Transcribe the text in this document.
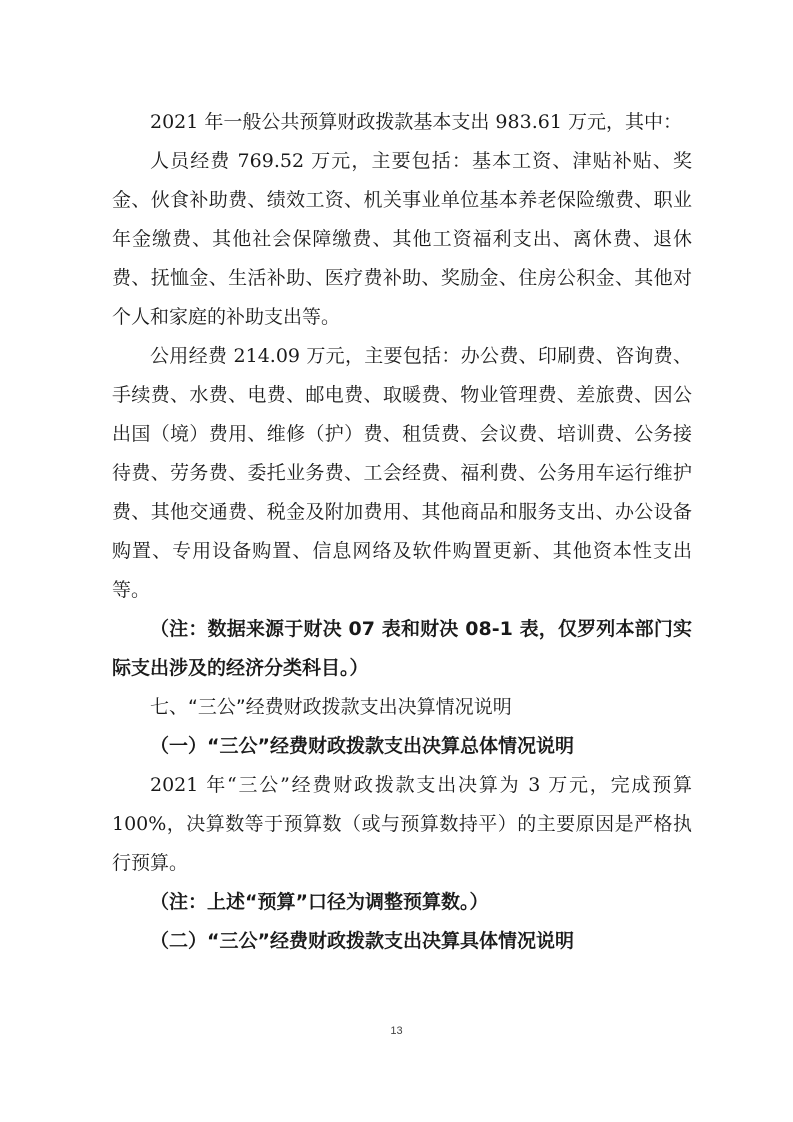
2021 年一般公共预算财政拨款基本支出 983.61 万元，其中：

人员经费 769.52 万元，主要包括：基本工资、津贴补贴、奖金、伙食补助费、绩效工资、机关事业单位基本养老保险缴费、职业年金缴费、其他社会保障缴费、其他工资福利支出、离休费、退休费、抚恤金、生活补助、医疗费补助、奖励金、住房公积金、其他对个人和家庭的补助支出等。

公用经费 214.09 万元，主要包括：办公费、印刷费、咨询费、手续费、水费、电费、邮电费、取暖费、物业管理费、差旅费、因公出国（境）费用、维修（护）费、租赁费、会议费、培训费、公务接待费、劳务费、委托业务费、工会经费、福利费、公务用车运行维护费、其他交通费、税金及附加费用、其他商品和服务支出、办公设备购置、专用设备购置、信息网络及软件购置更新、其他资本性支出等。

（注：数据来源于财决 07 表和财决 08-1 表，仅罗列本部门实际支出涉及的经济分类科目。）

七、“三公”经费财政拨款支出决算情况说明

（一）“三公”经费财政拨款支出决算总体情况说明

2021 年“三公”经费财政拨款支出决算为 3 万元，完成预算 100%，决算数等于预算数（或与预算数持平）的主要原因是严格执行预算。

（注：上述“预算”口径为调整预算数。）

（二）“三公”经费财政拨款支出决算具体情况说明

13
